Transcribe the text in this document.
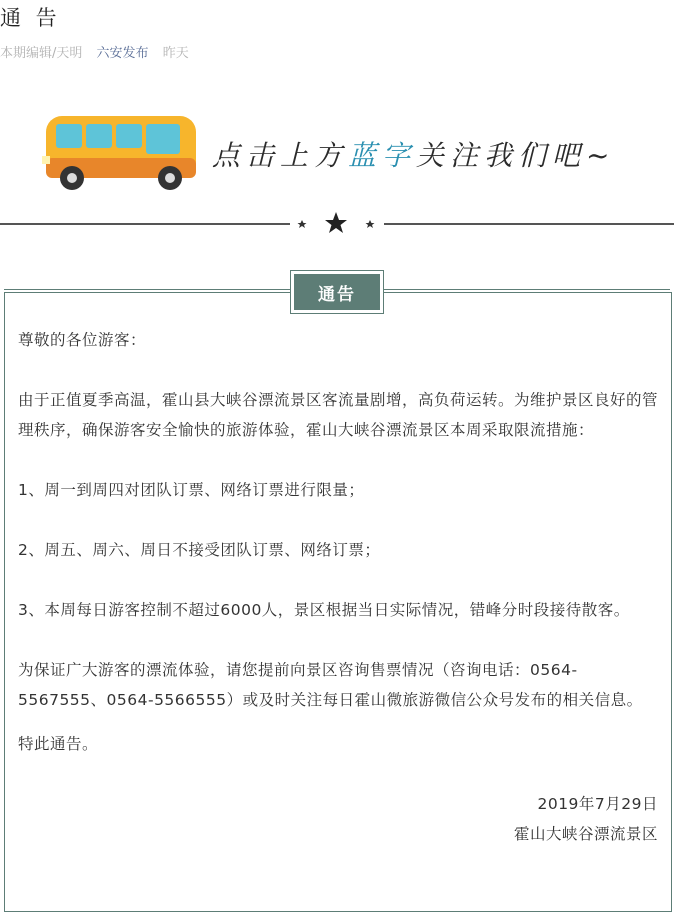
通 告
本期编辑/天明 六安发布 昨天
点击上方蓝字关注我们吧~
通告

尊敬的各位游客：

由于正值夏季高温，霍山县大峡谷漂流景区客流量剧增，高负荷运转。为维护景区良好的管理秩序，确保游客安全愉快的旅游体验，霍山大峡谷漂流景区本周采取限流措施：

1、周一到周四对团队订票、网络订票进行限量；

2、周五、周六、周日不接受团队订票、网络订票；

3、本周每日游客控制不超过6000人，景区根据当日实际情况，错峰分时段接待散客。

为保证广大游客的漂流体验，请您提前向景区咨询售票情况（咨询电话：0564-5567555、0564-5566555）或及时关注每日霍山微旅游微信公众号发布的相关信息。

特此通告。

2019年7月29日

霍山大峡谷漂流景区
